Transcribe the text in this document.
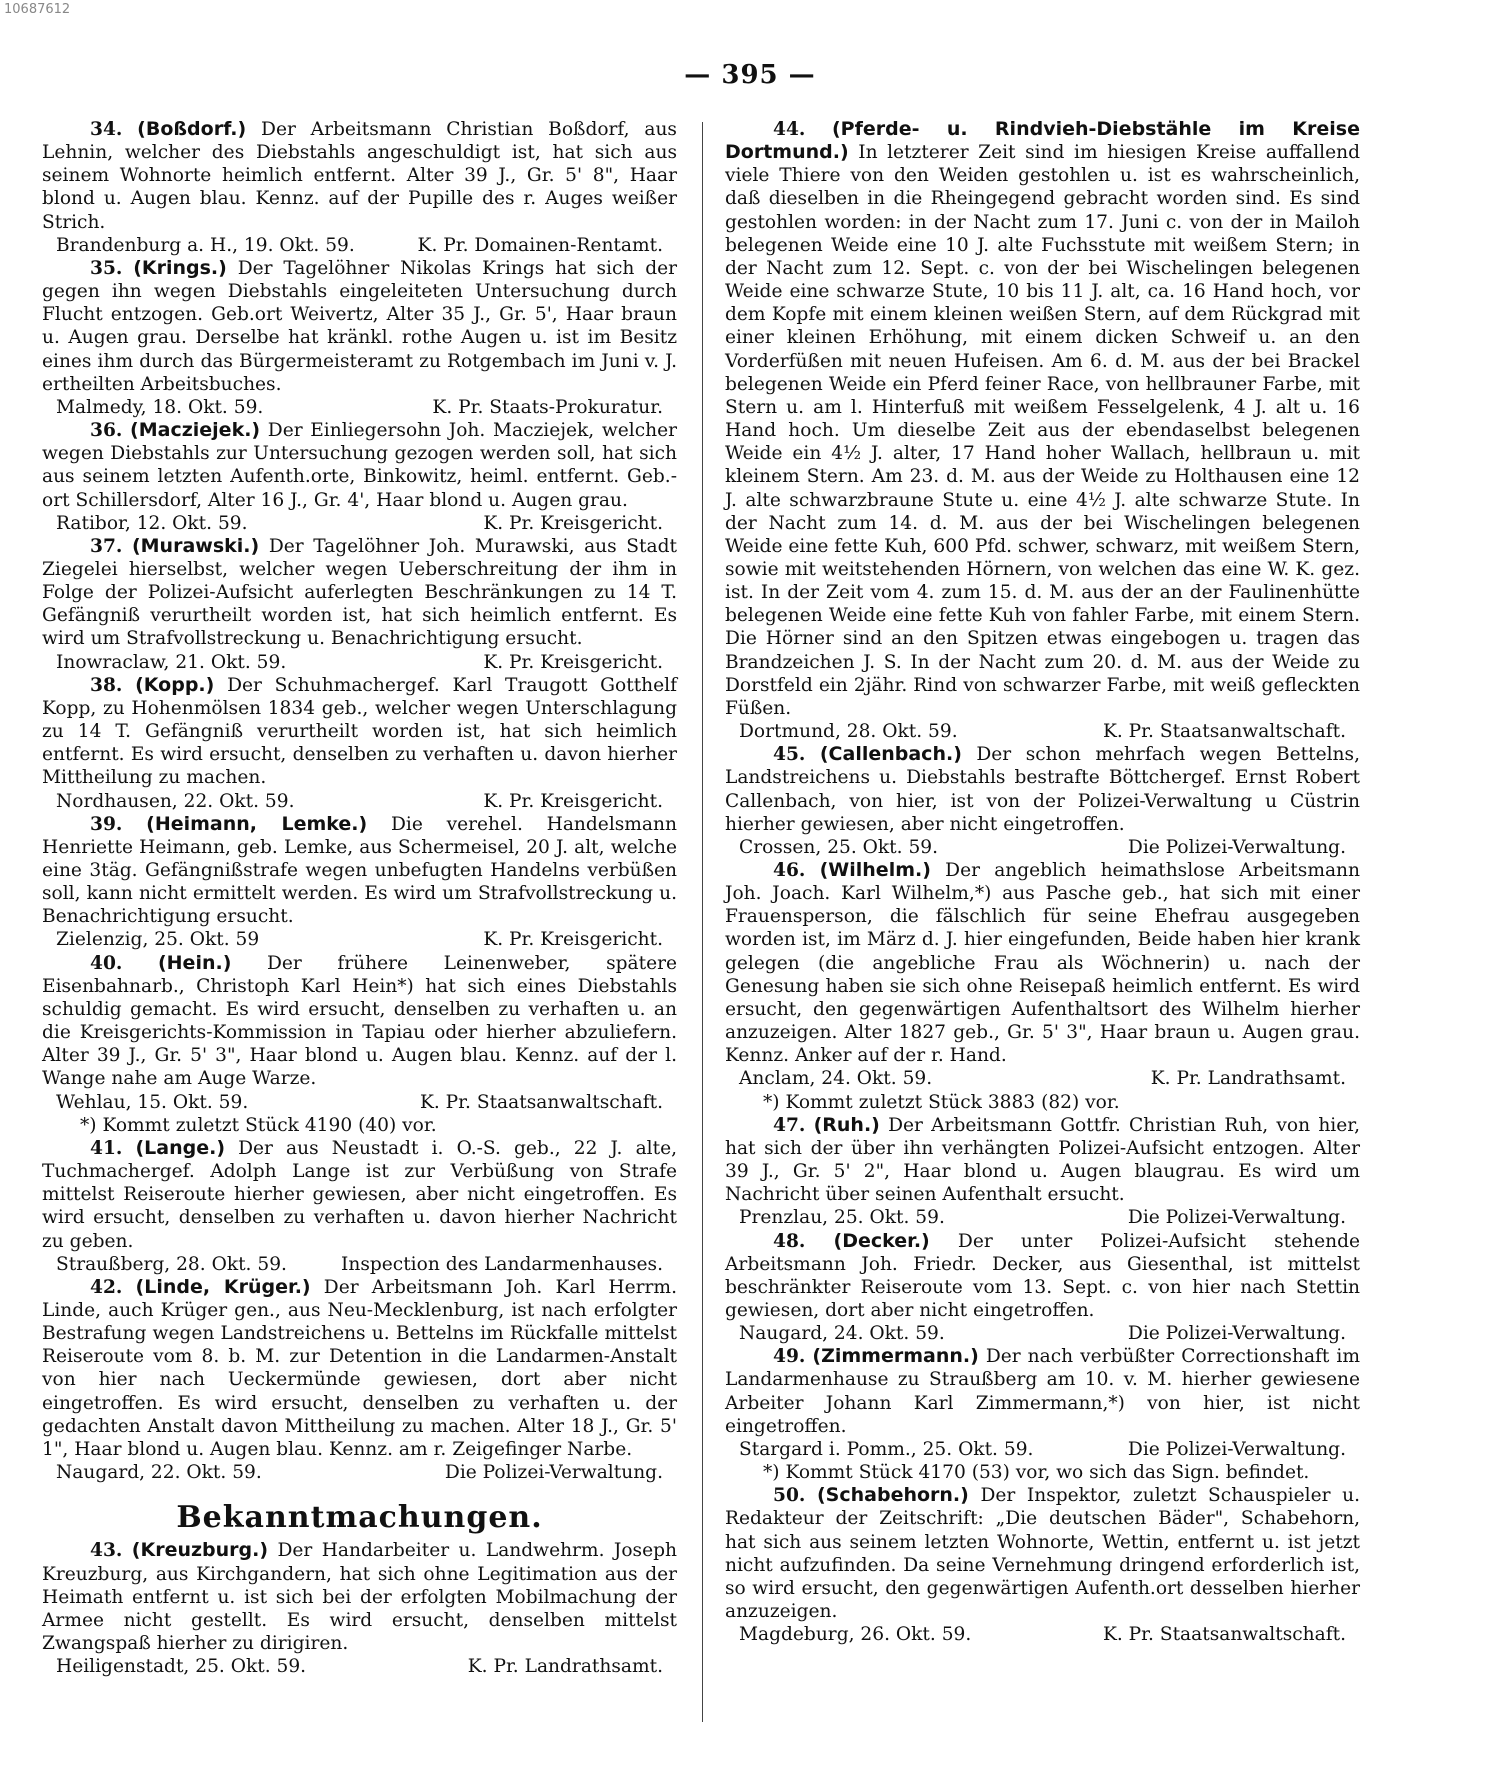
10687612
— 395 —

34. (Boßdorf.) Der Arbeitsmann Christian Boßdorf, aus Lehnin, welcher des Diebstahls angeschuldigt ist, hat sich aus seinem Wohnorte heimlich entfernt. Alter 39 J., Gr. 5' 8", Haar blond u. Augen blau. Kennz. auf der Pupille des r. Auges weißer Strich.

Brandenburg a. H., 19. Okt. 59.	K. Pr. Domainen-Rentamt.

35. (Krings.) Der Tagelöhner Nikolas Krings hat sich der gegen ihn wegen Diebstahls eingeleiteten Untersuchung durch Flucht entzogen. Geb.ort Weivertz, Alter 35 J., Gr. 5', Haar braun u. Augen grau. Derselbe hat kränkl. rothe Augen u. ist im Besitz eines ihm durch das Bürgermeisteramt zu Rotgembach im Juni v. J. ertheilten Arbeitsbuches.

Malmedy, 18. Okt. 59.	K. Pr. Staats-Prokuratur.

36. (Macziejek.) Der Einliegersohn Joh. Macziejek, welcher wegen Diebstahls zur Untersuchung gezogen werden soll, hat sich aus seinem letzten Aufenth.orte, Binkowitz, heiml. entfernt. Geb.-ort Schillersdorf, Alter 16 J., Gr. 4', Haar blond u. Augen grau.

Ratibor, 12. Okt. 59.	K. Pr. Kreisgericht.

37. (Murawski.) Der Tagelöhner Joh. Murawski, aus Stadt Ziegelei hierselbst, welcher wegen Ueberschreitung der ihm in Folge der Polizei-Aufsicht auferlegten Beschränkungen zu 14 T. Gefängniß verurtheilt worden ist, hat sich heimlich entfernt. Es wird um Strafvollstreckung u. Benachrichtigung ersucht.

Inowraclaw, 21. Okt. 59.	K. Pr. Kreisgericht.

38. (Kopp.) Der Schuhmachergef. Karl Traugott Gotthelf Kopp, zu Hohenmölsen 1834 geb., welcher wegen Unterschlagung zu 14 T. Gefängniß verurtheilt worden ist, hat sich heimlich entfernt. Es wird ersucht, denselben zu verhaften u. davon hierher Mittheilung zu machen.

Nordhausen, 22. Okt. 59.	K. Pr. Kreisgericht.

39. (Heimann, Lemke.) Die verehel. Handelsmann Henriette Heimann, geb. Lemke, aus Schermeisel, 20 J. alt, welche eine 3täg. Gefängnißstrafe wegen unbefugten Handelns verbüßen soll, kann nicht ermittelt werden. Es wird um Strafvollstreckung u. Benachrichtigung ersucht.

Zielenzig, 25. Okt. 59	K. Pr. Kreisgericht.

40. (Hein.) Der frühere Leinenweber, spätere Eisenbahnarb., Christoph Karl Hein*) hat sich eines Diebstahls schuldig gemacht. Es wird ersucht, denselben zu verhaften u. an die Kreisgerichts-Kommission in Tapiau oder hierher abzuliefern. Alter 39 J., Gr. 5' 3", Haar blond u. Augen blau. Kennz. auf der l. Wange nahe am Auge Warze.

Wehlau, 15. Okt. 59.	K. Pr. Staatsanwaltschaft.
*) Kommt zuletzt Stück 4190 (40) vor.

41. (Lange.) Der aus Neustadt i. O.-S. geb., 22 J. alte, Tuchmachergef. Adolph Lange ist zur Verbüßung von Strafe mittelst Reiseroute hierher gewiesen, aber nicht eingetroffen. Es wird ersucht, denselben zu verhaften u. davon hierher Nachricht zu geben.

Straußberg, 28. Okt. 59.	Inspection des Landarmenhauses.

42. (Linde, Krüger.) Der Arbeitsmann Joh. Karl Herrm. Linde, auch Krüger gen., aus Neu-Mecklenburg, ist nach erfolgter Bestrafung wegen Landstreichens u. Bettelns im Rückfalle mittelst Reiseroute vom 8. b. M. zur Detention in die Landarmen-Anstalt von hier nach Ueckermünde gewiesen, dort aber nicht eingetroffen. Es wird ersucht, denselben zu verhaften u. der gedachten Anstalt davon Mittheilung zu machen. Alter 18 J., Gr. 5' 1", Haar blond u. Augen blau. Kennz. am r. Zeigefinger Narbe.

Naugard, 22. Okt. 59.	Die Polizei-Verwaltung.
Bekanntmachungen.

43. (Kreuzburg.) Der Handarbeiter u. Landwehrm. Joseph Kreuzburg, aus Kirchgandern, hat sich ohne Legitimation aus der Heimath entfernt u. ist sich bei der erfolgten Mobilmachung der Armee nicht gestellt. Es wird ersucht, denselben mittelst Zwangspaß hierher zu dirigiren.

Heiligenstadt, 25. Okt. 59.	K. Pr. Landrathsamt.

44. (Pferde- u. Rindvieh-Diebstähle im Kreise Dortmund.) In letzterer Zeit sind im hiesigen Kreise auffallend viele Thiere von den Weiden gestohlen u. ist es wahrscheinlich, daß dieselben in die Rheingegend gebracht worden sind. Es sind gestohlen worden: in der Nacht zum 17. Juni c. von der in Mailoh belegenen Weide eine 10 J. alte Fuchsstute mit weißem Stern; in der Nacht zum 12. Sept. c. von der bei Wischelingen belegenen Weide eine schwarze Stute, 10 bis 11 J. alt, ca. 16 Hand hoch, vor dem Kopfe mit einem kleinen weißen Stern, auf dem Rückgrad mit einer kleinen Erhöhung, mit einem dicken Schweif u. an den Vorderfüßen mit neuen Hufeisen. Am 6. d. M. aus der bei Brackel belegenen Weide ein Pferd feiner Race, von hellbrauner Farbe, mit Stern u. am l. Hinterfuß mit weißem Fesselgelenk, 4 J. alt u. 16 Hand hoch. Um dieselbe Zeit aus der ebendaselbst belegenen Weide ein 4½ J. alter, 17 Hand hoher Wallach, hellbraun u. mit kleinem Stern. Am 23. d. M. aus der Weide zu Holthausen eine 12 J. alte schwarzbraune Stute u. eine 4½ J. alte schwarze Stute. In der Nacht zum 14. d. M. aus der bei Wischelingen belegenen Weide eine fette Kuh, 600 Pfd. schwer, schwarz, mit weißem Stern, sowie mit weitstehenden Hörnern, von welchen das eine W. K. gez. ist. In der Zeit vom 4. zum 15. d. M. aus der an der Faulinenhütte belegenen Weide eine fette Kuh von fahler Farbe, mit einem Stern. Die Hörner sind an den Spitzen etwas eingebogen u. tragen das Brandzeichen J. S. In der Nacht zum 20. d. M. aus der Weide zu Dorstfeld ein 2jähr. Rind von schwarzer Farbe, mit weiß gefleckten Füßen.

Dortmund, 28. Okt. 59.	K. Pr. Staatsanwaltschaft.

45. (Callenbach.) Der schon mehrfach wegen Bettelns, Landstreichens u. Diebstahls bestrafte Böttchergef. Ernst Robert Callenbach, von hier, ist von der Polizei-Verwaltung u Cüstrin hierher gewiesen, aber nicht eingetroffen.

Crossen, 25. Okt. 59.	Die Polizei-Verwaltung.

46. (Wilhelm.) Der angeblich heimathslose Arbeitsmann Joh. Joach. Karl Wilhelm,*) aus Pasche geb., hat sich mit einer Frauensperson, die fälschlich für seine Ehefrau ausgegeben worden ist, im März d. J. hier eingefunden, Beide haben hier krank gelegen (die angebliche Frau als Wöchnerin) u. nach der Genesung haben sie sich ohne Reisepaß heimlich entfernt. Es wird ersucht, den gegenwärtigen Aufenthaltsort des Wilhelm hierher anzuzeigen. Alter 1827 geb., Gr. 5' 3", Haar braun u. Augen grau. Kennz. Anker auf der r. Hand.

Anclam, 24. Okt. 59.	K. Pr. Landrathsamt.
*) Kommt zuletzt Stück 3883 (82) vor.

47. (Ruh.) Der Arbeitsmann Gottfr. Christian Ruh, von hier, hat sich der über ihn verhängten Polizei-Aufsicht entzogen. Alter 39 J., Gr. 5' 2", Haar blond u. Augen blaugrau. Es wird um Nachricht über seinen Aufenthalt ersucht.

Prenzlau, 25. Okt. 59.	Die Polizei-Verwaltung.

48. (Decker.) Der unter Polizei-Aufsicht stehende Arbeitsmann Joh. Friedr. Decker, aus Giesenthal, ist mittelst beschränkter Reiseroute vom 13. Sept. c. von hier nach Stettin gewiesen, dort aber nicht eingetroffen.

Naugard, 24. Okt. 59.	Die Polizei-Verwaltung.

49. (Zimmermann.) Der nach verbüßter Correctionshaft im Landarmenhause zu Straußberg am 10. v. M. hierher gewiesene Arbeiter Johann Karl Zimmermann,*) von hier, ist nicht eingetroffen.

Stargard i. Pomm., 25. Okt. 59.	Die Polizei-Verwaltung.
*) Kommt Stück 4170 (53) vor, wo sich das Sign. befindet.

50. (Schabehorn.) Der Inspektor, zuletzt Schauspieler u. Redakteur der Zeitschrift: „Die deutschen Bäder", Schabehorn, hat sich aus seinem letzten Wohnorte, Wettin, entfernt u. ist jetzt nicht aufzufinden. Da seine Vernehmung dringend erforderlich ist, so wird ersucht, den gegenwärtigen Aufenth.ort desselben hierher anzuzeigen.

Magdeburg, 26. Okt. 59.	K. Pr. Staatsanwaltschaft.
